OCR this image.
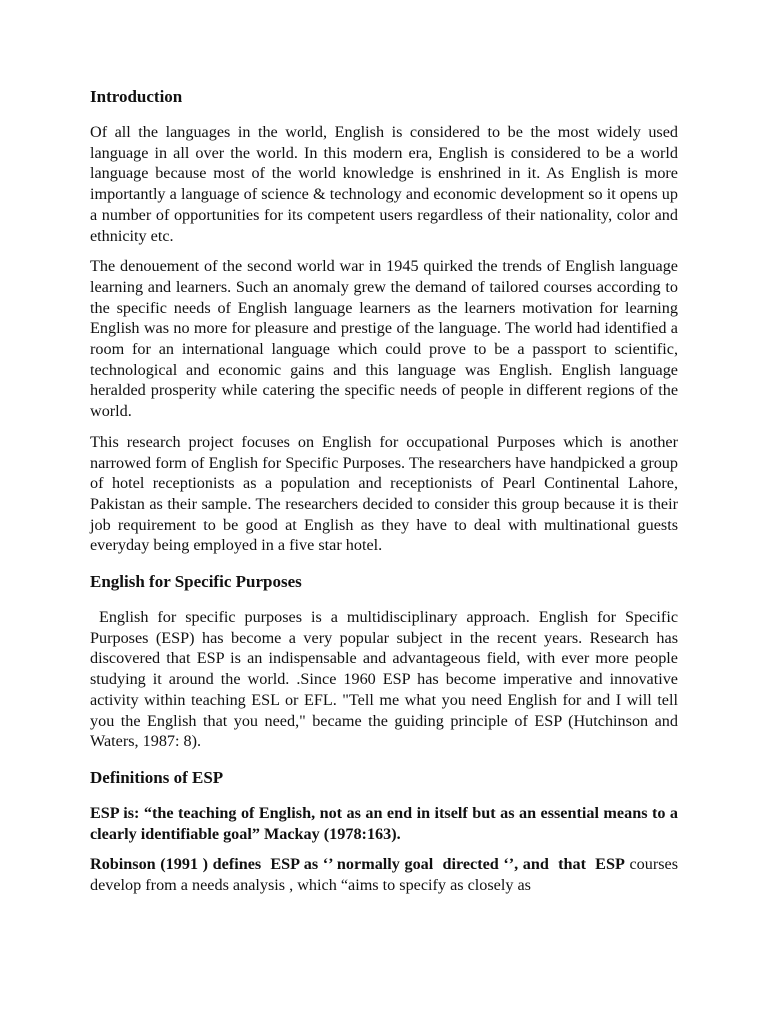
Introduction

Of all the languages in the world, English is considered to be the most widely used language in all over the world. In this modern era, English is considered to be a world language because most of the world knowledge is enshrined in it. As English is more importantly a language of science & technology and economic development so it opens up a number of opportunities for its competent users regardless of their nationality, color and ethnicity etc.

The denouement of the second world war in 1945 quirked the trends of English language learning and learners. Such an anomaly grew the demand of tailored courses according to the specific needs of English language learners as the learners motivation for learning English was no more for pleasure and prestige of the language. The world had identified a room for an international language which could prove to be a passport to scientific, technological and economic gains and this language was English. English language heralded prosperity while catering the specific needs of people in different regions of the world.

This research project focuses on English for occupational Purposes which is another narrowed form of English for Specific Purposes. The researchers have handpicked a group of hotel receptionists as a population and receptionists of Pearl Continental Lahore, Pakistan as their sample. The researchers decided to consider this group because it is their job requirement to be good at English as they have to deal with multinational guests everyday being employed in a five star hotel.

English for Specific Purposes

English for specific purposes is a multidisciplinary approach. English for Specific Purposes (ESP) has become a very popular subject in the recent years. Research has discovered that ESP is an indispensable and advantageous field, with ever more people studying it around the world. .Since 1960 ESP has become imperative and innovative activity within teaching ESL or EFL. "Tell me what you need English for and I will tell you the English that you need," became the guiding principle of ESP (Hutchinson and Waters, 1987: 8).

Definitions of ESP

ESP is: “the teaching of English, not as an end in itself but as an essential means to a clearly identifiable goal” Mackay (1978:163).

Robinson (1991 ) defines  ESP as ‘’ normally goal  directed ‘’, and  that  ESP courses develop from a needs analysis , which “aims to specify as closely as
